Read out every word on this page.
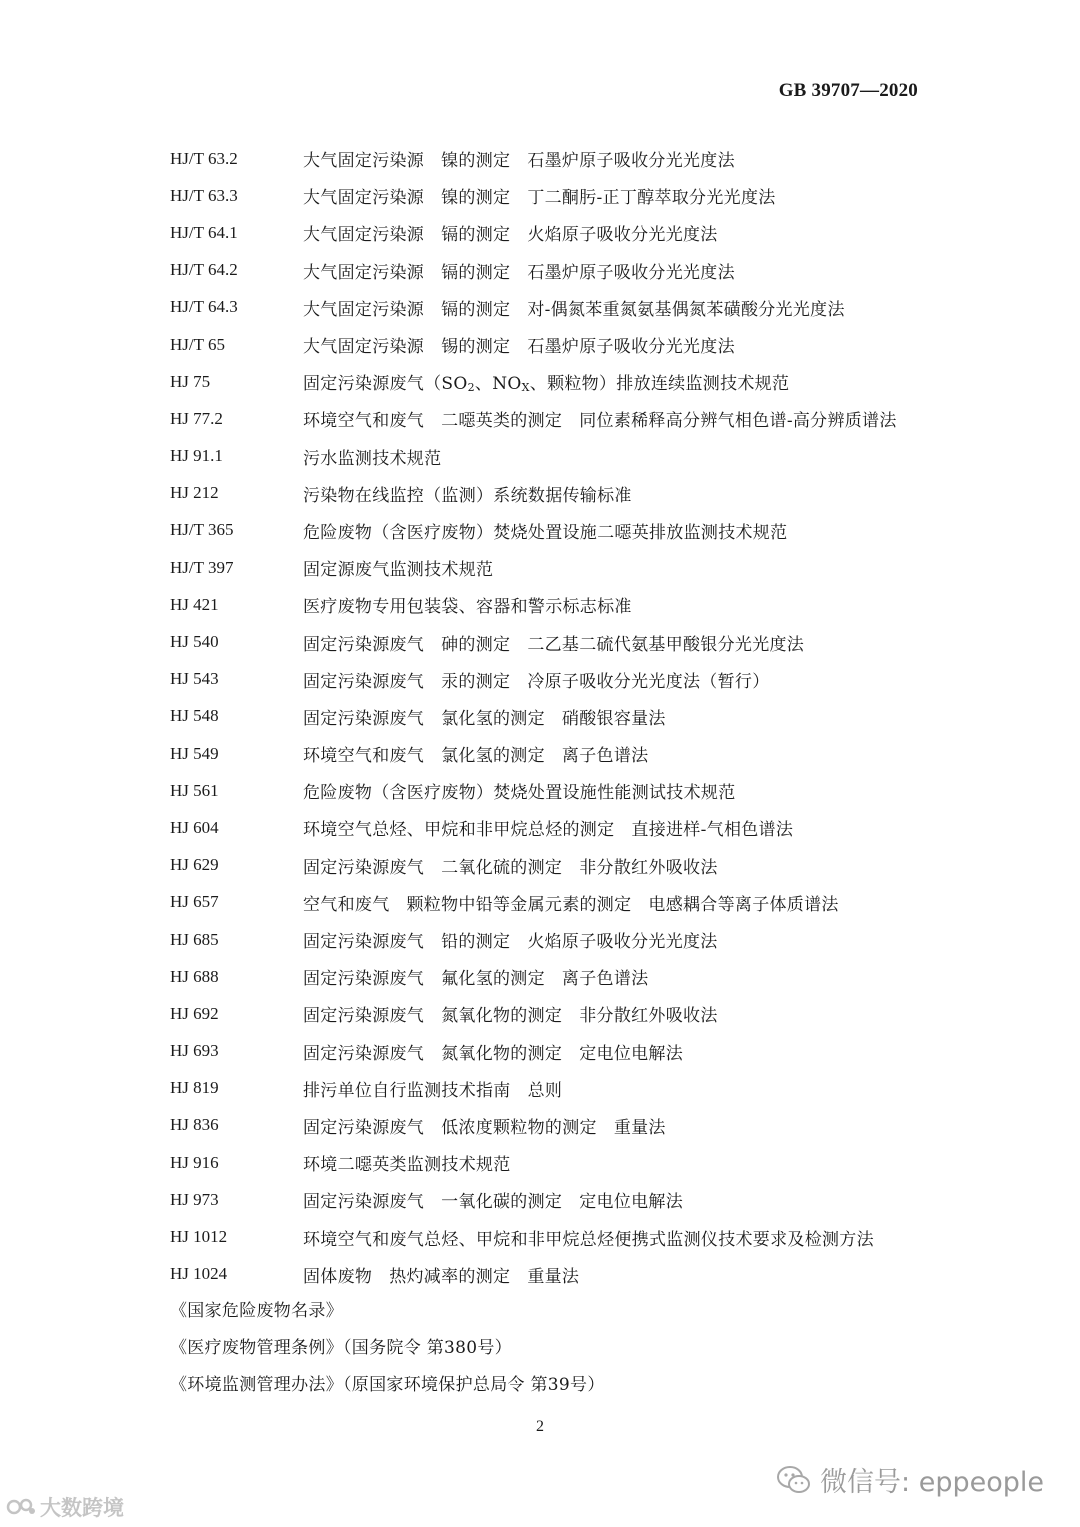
GB 39707—2020
HJ/T 63.2	大气固定污染源 镍的测定 石墨炉原子吸收分光光度法
HJ/T 63.3	大气固定污染源 镍的测定 丁二酮肟-正丁醇萃取分光光度法
HJ/T 64.1	大气固定污染源 镉的测定 火焰原子吸收分光光度法
HJ/T 64.2	大气固定污染源 镉的测定 石墨炉原子吸收分光光度法
HJ/T 64.3	大气固定污染源 镉的测定 对-偶氮苯重氮氨基偶氮苯磺酸分光光度法
HJ/T 65	大气固定污染源 锡的测定 石墨炉原子吸收分光光度法
HJ 75	固定污染源废气（$SO_2$、$NO_X$、颗粒物）排放连续监测技术规范
HJ 77.2	环境空气和废气 二噁英类的测定 同位素稀释高分辨气相色谱-高分辨质谱法
HJ 91.1	污水监测技术规范
HJ 212	污染物在线监控（监测）系统数据传输标准
HJ/T 365	危险废物（含医疗废物）焚烧处置设施二噁英排放监测技术规范
HJ/T 397	固定源废气监测技术规范
HJ 421	医疗废物专用包装袋、容器和警示标志标准
HJ 540	固定污染源废气 砷的测定 二乙基二硫代氨基甲酸银分光光度法
HJ 543	固定污染源废气 汞的测定 冷原子吸收分光光度法（暂行）
HJ 548	固定污染源废气 氯化氢的测定 硝酸银容量法
HJ 549	环境空气和废气 氯化氢的测定 离子色谱法
HJ 561	危险废物（含医疗废物）焚烧处置设施性能测试技术规范
HJ 604	环境空气总烃、甲烷和非甲烷总烃的测定 直接进样-气相色谱法
HJ 629	固定污染源废气 二氧化硫的测定 非分散红外吸收法
HJ 657	空气和废气 颗粒物中铅等金属元素的测定 电感耦合等离子体质谱法
HJ 685	固定污染源废气 铅的测定 火焰原子吸收分光光度法
HJ 688	固定污染源废气 氟化氢的测定 离子色谱法
HJ 692	固定污染源废气 氮氧化物的测定 非分散红外吸收法
HJ 693	固定污染源废气 氮氧化物的测定 定电位电解法
HJ 819	排污单位自行监测技术指南 总则
HJ 836	固定污染源废气 低浓度颗粒物的测定 重量法
HJ 916	环境二噁英类监测技术规范
HJ 973	固定污染源废气 一氧化碳的测定 定电位电解法
HJ 1012	环境空气和废气总烃、甲烷和非甲烷总烃便携式监测仪技术要求及检测方法
HJ 1024	固体废物 热灼减率的测定 重量法
《国家危险废物名录》
《医疗废物管理条例》（国务院令 第380号）
《环境监测管理办法》（原国家环境保护总局令 第39号）
2
微信号: eppeople
大数跨境
